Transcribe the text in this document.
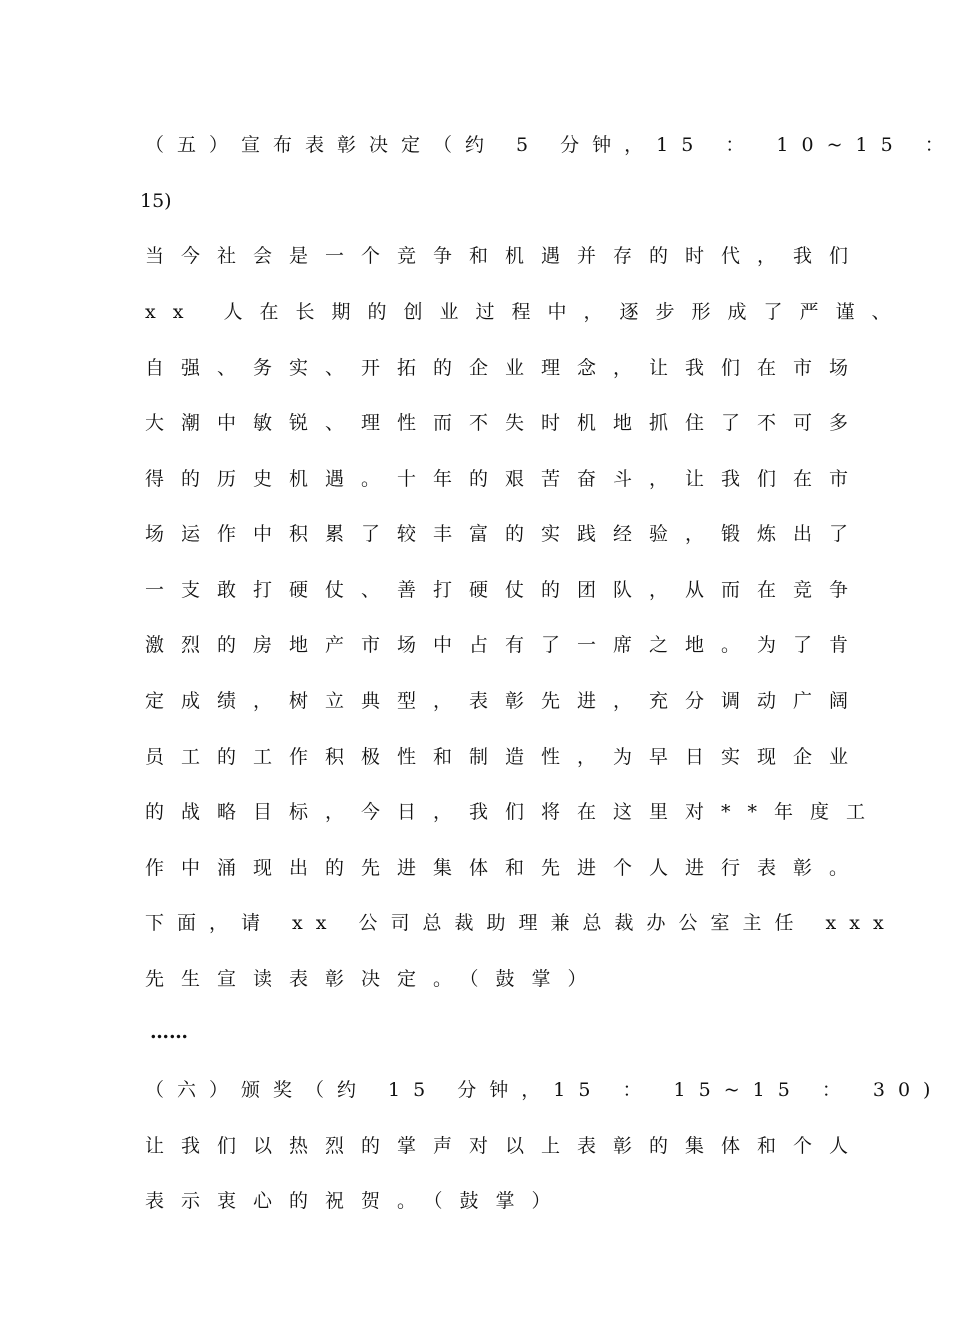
（五）宣布表彰决定（约 5 分钟，15 ： 10~15 ：
15)
当今社会是一个竞争和机遇并存的时代，我们
xx 人在长期的创业过程中，逐步形成了严谨、
自强、务实、开拓的企业理念，让我们在市场
大潮中敏锐、理性而不失时机地抓住了不可多
得的历史机遇。十年的艰苦奋斗，让我们在市
场运作中积累了较丰富的实践经验，锻炼出了
一支敢打硬仗、善打硬仗的团队，从而在竞争
激烈的房地产市场中占有了一席之地。为了肯
定成绩，树立典型，表彰先进，充分调动广阔
员工的工作积极性和制造性，为早日实现企业
的战略目标，今日，我们将在这里对**年度工
作中涌现出的先进集体和先进个人进行表彰。
下面，请 xx 公司总裁助理兼总裁办公室主任 xxx
先生宣读表彰决定。（鼓掌）
……
（六）颁奖（约 15 分钟，15 ： 15~15 ： 30)
让我们以热烈的掌声对以上表彰的集体和个人
表示衷心的祝贺。（鼓掌）
